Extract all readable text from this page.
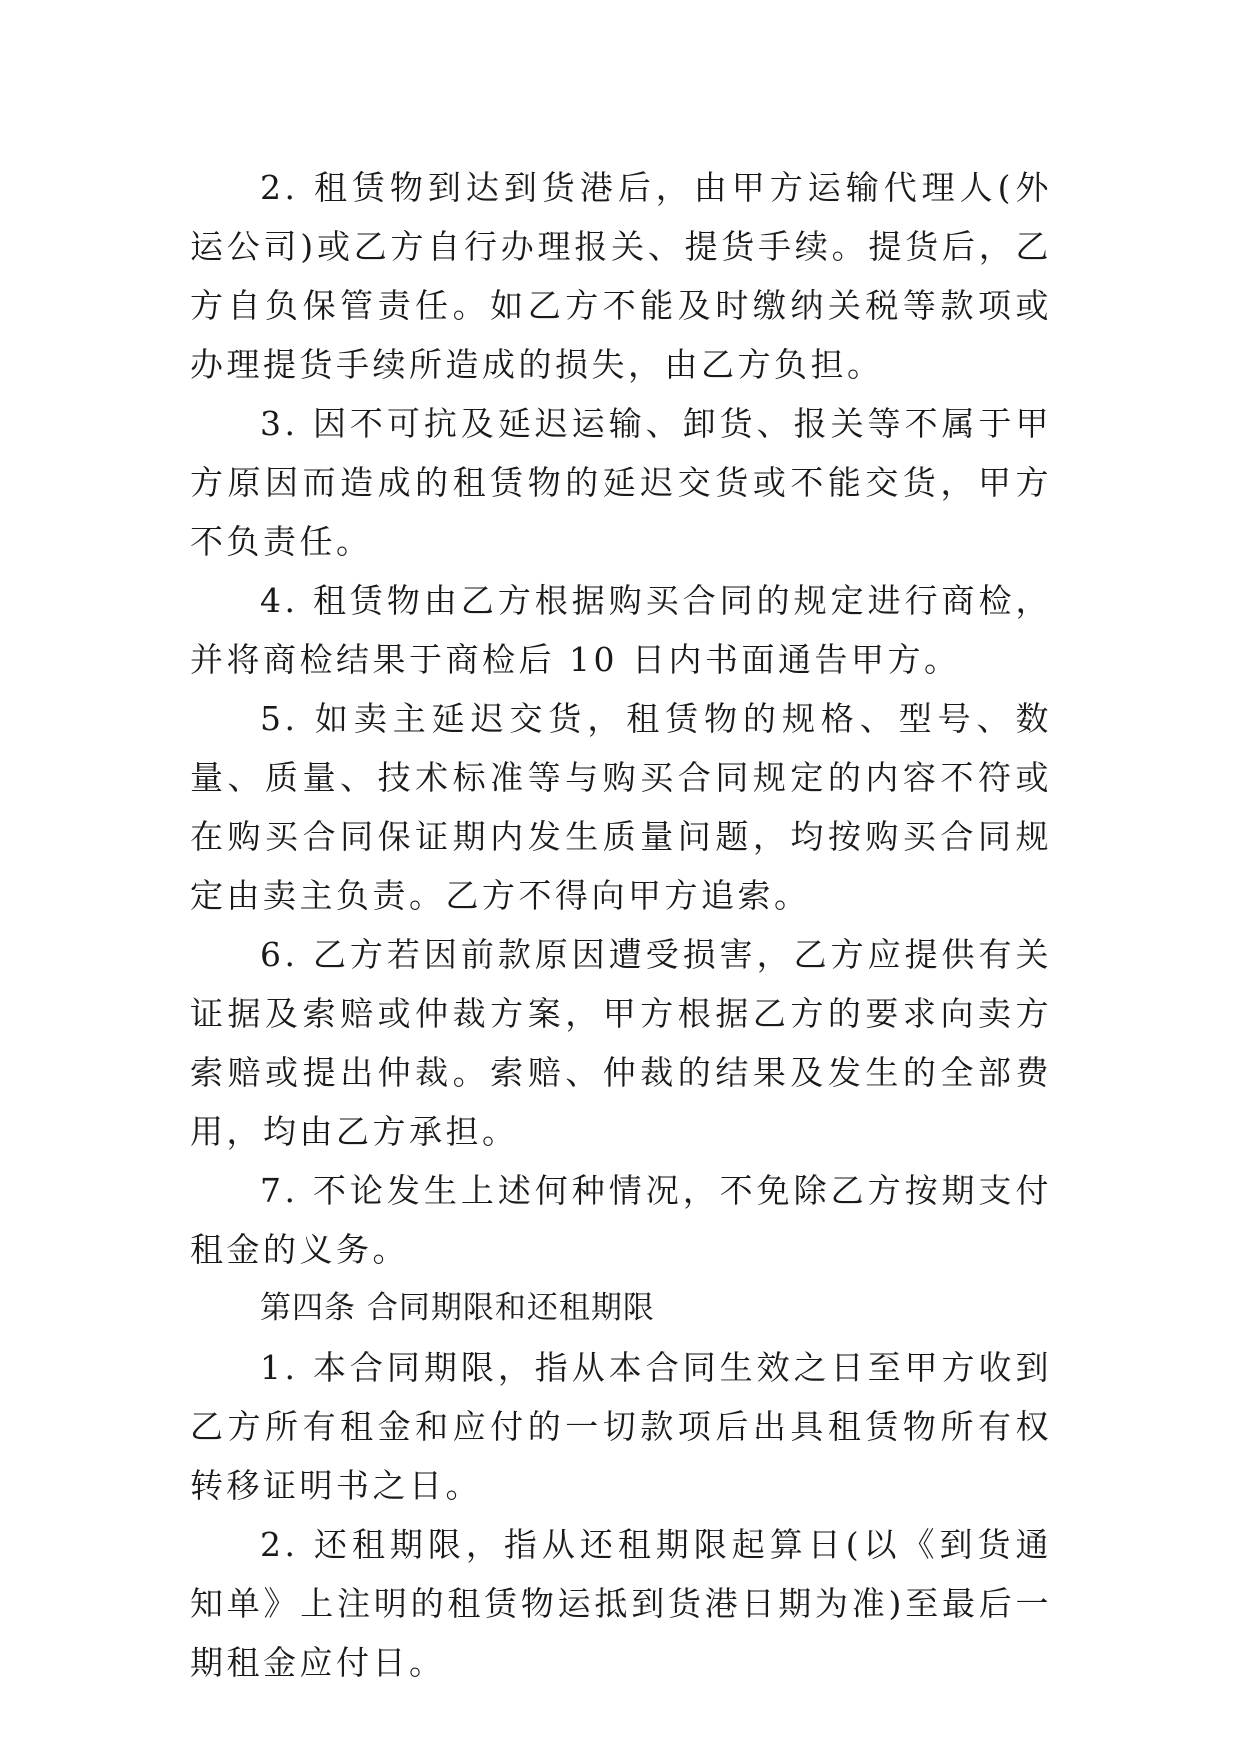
2. 租赁物到达到货港后，由甲方运输代理人(外运公司)或乙方自行办理报关、提货手续。提货后，乙方自负保管责任。如乙方不能及时缴纳关税等款项或办理提货手续所造成的损失，由乙方负担。

3. 因不可抗及延迟运输、卸货、报关等不属于甲方原因而造成的租赁物的延迟交货或不能交货，甲方不负责任。

4. 租赁物由乙方根据购买合同的规定进行商检，并将商检结果于商检后 10 日内书面通告甲方。

5. 如卖主延迟交货，租赁物的规格、型号、数量、质量、技术标准等与购买合同规定的内容不符或在购买合同保证期内发生质量问题，均按购买合同规定由卖主负责。乙方不得向甲方追索。

6. 乙方若因前款原因遭受损害，乙方应提供有关证据及索赔或仲裁方案，甲方根据乙方的要求向卖方索赔或提出仲裁。索赔、仲裁的结果及发生的全部费用，均由乙方承担。

7. 不论发生上述何种情况，不免除乙方按期支付租金的义务。

第四条 合同期限和还租期限

1. 本合同期限，指从本合同生效之日至甲方收到乙方所有租金和应付的一切款项后出具租赁物所有权转移证明书之日。

2. 还租期限，指从还租期限起算日(以《到货通知单》上注明的租赁物运抵到货港日期为准)至最后一期租金应付日。
